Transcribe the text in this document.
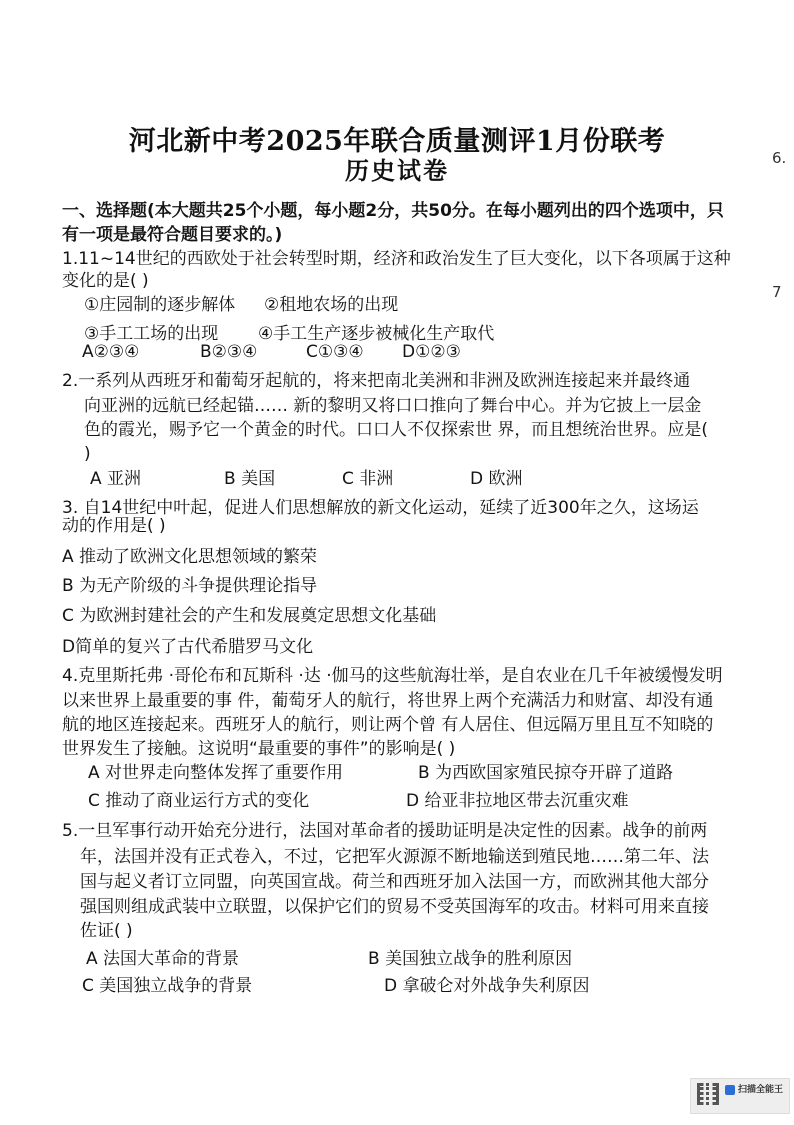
河北新中考2025年联合质量测评1月份联考
历史试卷	6.
7
一、选择题(本大题共25个小题，每小题2分，共50分。在每小题列出的四个选项中，只
有一项是最符合题目要求的。)
1.11~14世纪的西欧处于社会转型时期，经济和政治发生了巨大变化，以下各项属于这种
变化的是( )
①庄园制的逐步解体 ②租地农场的出现
③手工工场的出现 ④手工生产逐步被械化生产取代
A②③④	B②③④	C①③④ D①②③
2.一系列从西班牙和葡萄牙起航的，将来把南北美洲和非洲及欧洲连接起来并最终通
向亚洲的远航已经起锚…… 新的黎明又将口口推向了舞台中心。并为它披上一层金
色的霞光，赐予它一个黄金的时代。口口人不仅探索世 界，而且想统治世界。应是(
)
A 亚洲	B 美国	C 非洲	D 欧洲
3. 自14世纪中叶起，促进人们思想解放的新文化运动，延续了近300年之久，这场运
动的作用是( )
A 推动了欧洲文化思想领域的繁荣
B 为无产阶级的斗争提供理论指导
C 为欧洲封建社会的产生和发展奠定思想文化基础
D简单的复兴了古代希腊罗马文化
4.克里斯托弗 ·哥伦布和瓦斯科 ·达 ·伽马的这些航海壮举，是自农业在几千年被缓慢发明
以来世界上最重要的事 件，葡萄牙人的航行，将世界上两个充满活力和财富、却没有通
航的地区连接起来。西班牙人的航行，则让两个曾 有人居住、但远隔万里且互不知晓的
世界发生了接触。这说明“最重要的事件”的影响是( )
A 对世界走向整体发挥了重要作用	B 为西欧国家殖民掠夺开辟了道路
C 推动了商业运行方式的变化	D 给亚非拉地区带去沉重灾难
5.一旦军事行动开始充分进行，法国对革命者的援助证明是决定性的因素。战争的前两
年，法国并没有正式卷入，不过，它把军火源源不断地输送到殖民地……第二年、法
国与起义者订立同盟，向英国宣战。荷兰和西班牙加入法国一方，而欧洲其他大部分
强国则组成武装中立联盟，以保护它们的贸易不受英国海军的攻击。材料可用来直接
佐证( )
A 法国大革命的背景	B 美国独立战争的胜利原因
C 美国独立战争的背景	D 拿破仑对外战争失利原因
扫描全能王
